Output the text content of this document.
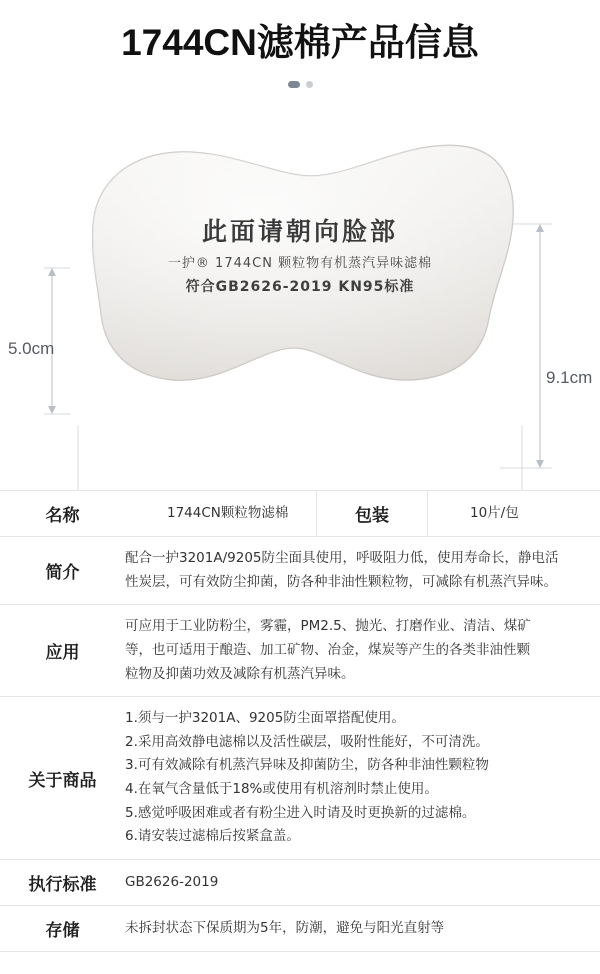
1744CN滤棉产品信息
此面请朝向脸部
一护® 1744CN 颗粒物有机蒸汽异味滤棉
符合GB2626-2019 KN95标准
5.0cm
9.1cm
名称	1744CN颗粒物滤棉	包装	10片/包
简介	
配合一护3201A/9205防尘面具使用，呼吸阻力低，使用寿命长，静电活
性炭层，可有效防尘抑菌，防各种非油性颗粒物，可减除有机蒸汽异味。

应用	
可应用于工业防粉尘，雾霾，PM2.5、抛光、打磨作业、清洁、煤矿
等，也可适用于酿造、加工矿物、冶金，煤炭等产生的各类非油性颗
粒物及抑菌功效及减除有机蒸汽异味。

关于商品	
1.须与一护3201A、9205防尘面罩搭配使用。
2.采用高效静电滤棉以及活性碳层，吸附性能好，不可清洗。
3.可有效减除有机蒸汽异味及抑菌防尘，防各种非油性颗粒物
4.在氧气含量低于18%或使用有机溶剂时禁止使用。
5.感觉呼吸困难或者有粉尘进入时请及时更换新的过滤棉。
6.请安装过滤棉后按紧盒盖。

执行标准	GB2626-2019		
存储	未拆封状态下保质期为5年，防潮，避免与阳光直射等		
